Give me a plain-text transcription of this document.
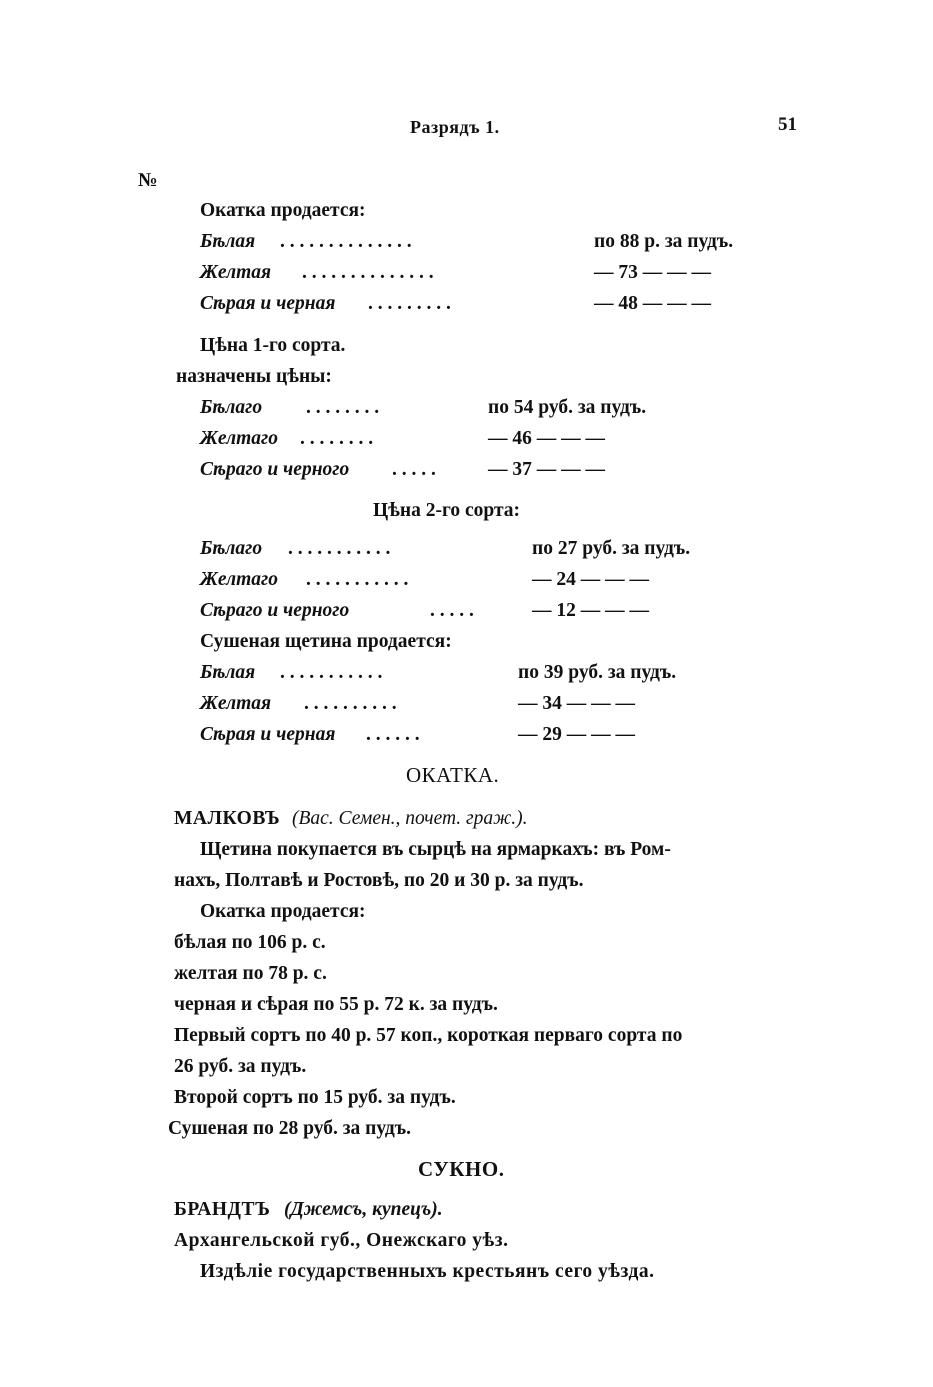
Разрядъ 1.	51
№
Окатка продается:
Бѣлая . . . . . . . . . . . . . .	по 88 р. за пудъ.
Желтая . . . . . . . . . . . . . .	— 73 — — —
Сѣрая и черная . . . . . . . . .	— 48 — — —
Цѣна 1-го сорта.
назначены цѣны:
Бѣлаго . . . . . . . .	по 54 руб. за пудъ.
Желтаго . . . . . . . .	— 46 — — —
Сѣраго и черного . . . . .	— 37 — — —
Цѣна 2-го сорта:
Бѣлаго . . . . . . . . . . .	по 27 руб. за пудъ.
Желтаго . . . . . . . . . . .	— 24 — — —
Сѣраго и черного	. . . . .	— 12 — — —
Сушеная щетина продается:
Бѣлая . . . . . . . . . . .	по 39 руб. за пудъ.
Желтая . . . . . . . . . .	— 34 — — —
Сѣрая и черная . . . . . .	— 29 — — —
ОКАТКА.
МАЛКОВЪ (Вас. Семен., почет. граж.).
Щетина покупается въ сырцѣ на ярмаркахъ: въ Ром-
нахъ, Полтавѣ и Ростовѣ, по 20 и 30 р. за пудъ.
Окатка продается:
бѣлая по 106 р. с.
желтая по 78 р. с.
черная и сѣрая по 55 р. 72 к. за пудъ.
Первый сортъ по 40 р. 57 коп., короткая перваго сорта по
26 руб. за пудъ.
Второй сортъ по 15 руб. за пудъ.
Сушеная по 28 руб. за пудъ.
СУКНО.
БРАНДТЪ (Джемсъ, купецъ).
Архангельской губ., Онежскаго уѣз.
Издѣліе государственныхъ крестьянъ сего уѣзда.
